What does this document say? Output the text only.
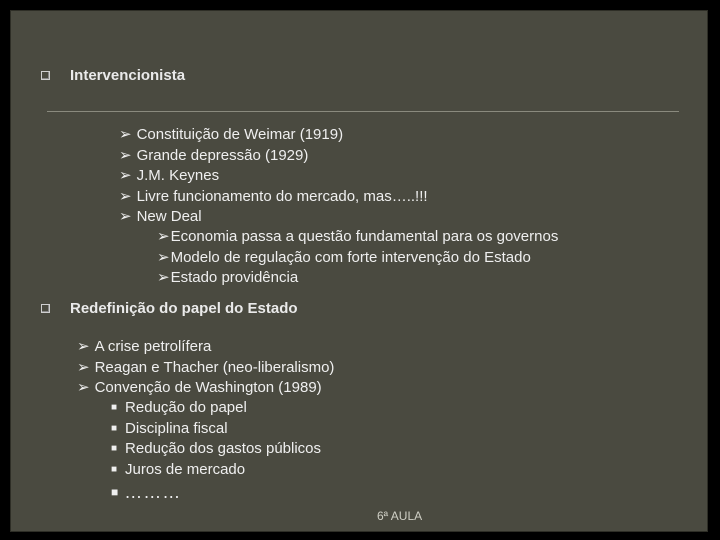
Intervencionista
➢ Constituição de Weimar (1919)
➢ Grande depressão (1929)
➢ J.M. Keynes
➢ Livre funcionamento do mercado, mas…..!!!
➢ New Deal
➢ Economia passa a questão fundamental para os governos
➢ Modelo de regulação com forte intervenção do Estado
➢ Estado providência
Redefinição do papel do Estado
➢ A crise petrolífera
➢ Reagan e Thacher (neo-liberalismo)
➢ Convenção de Washington (1989)
■ Redução do papel
■ Disciplina fiscal
■ Redução dos gastos públicos
■ Juros de mercado
■ ………
6ª AULA
